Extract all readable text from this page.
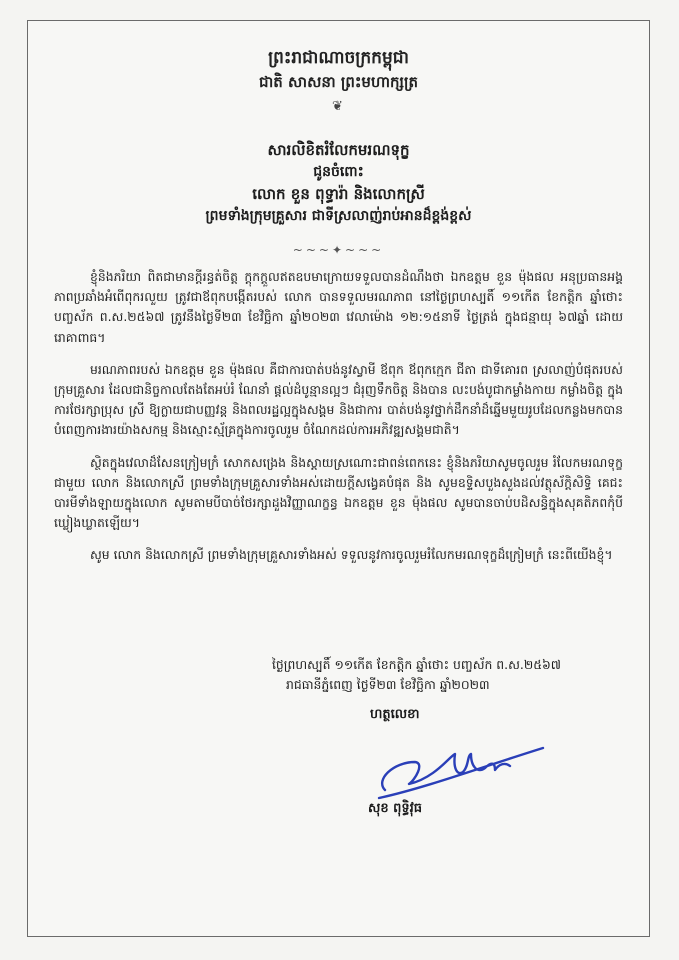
ព្រះរាជាណាចក្រកម្ពុជា
ជាតិ សាសនា ព្រះមហាក្សត្រ
❦
សារលិខិតរំលែកមរណទុក្ខ
ជូនចំពោះ
លោក ខួន ពុទ្ធារ៉ា និងលោកស្រី
ព្រមទាំងក្រុមគ្រួសារ ជាទីស្រលាញ់រាប់អានដ៏ខ្ពង់ខ្ពស់
~~~✦~~~

ខ្ញុំនិងភរិយា ពិតជាមានក្តីរន្ធត់ចិត្ត ក្តុកក្តួលឥតឧបមាក្រោយទទួលបានដំណឹងថា ឯកឧត្តម ខួន ម៉ុងផល អនុប្រធានអង្គភាពប្រឆាំងអំពើពុករលួយ ត្រូវជាឪពុកបង្កើតរបស់ លោក បានទទួលមរណភាព នៅថ្ងៃព្រហស្បតិ៍ ១១កើត ខែកត្ដិក ឆ្នាំថោះ បញ្ចស័ក ព.ស.២៥៦៧ ត្រូវនឹងថ្ងៃទី២៣ ខែវិច្ឆិកា ឆ្នាំ២០២៣ វេលាម៉ោង ១២:១៥នាទី ថ្ងៃត្រង់ ក្នុងជន្មាយុ ៦៧ឆ្នាំ ដោយរោគាពាធ។

មរណភាពរបស់ ឯកឧត្តម ខួន ម៉ុងផល គឺជាការបាត់បង់នូវស្វាមី ឪពុក ឪពុកក្មេក ជីតា ជាទីគោរព ស្រលាញ់បំផុតរបស់ក្រុមគ្រួសារ ដែលជានិច្ចកាលតែងតែអប់រំ ណែនាំ ផ្តល់ដំបូន្មានល្អៗ ជំរុញទឹកចិត្ត និងបាន លះបង់បូជាកម្លាំងកាយ កម្លាំងចិត្ត ក្នុងការថែរក្សាប្រុស ស្រី ឱ្យក្លាយជាបញ្ញវន្ត និងពលរដ្ឋល្អក្នុងសង្គម និងជាការ បាត់បង់នូវថ្នាក់ដឹកនាំដ៏ឆ្នើមមួយរូបដែលកន្លងមកបានបំពេញការងារយ៉ាងសកម្ម និងស្មោះស្ម័គ្រក្នុងការចូលរួម ចំណែកដល់ការអភិវឌ្ឍសង្គមជាតិ។

ស្ថិតក្នុងវេលាដ៏សែនក្រៀមក្រំ សោកសង្រេង និងស្តាយស្រណោះជាពន់ពេកនេះ ខ្ញុំនិងភរិយាសូមចូលរួម រំលែកមរណទុក្ខជាមួយ លោក និងលោកស្រី ព្រមទាំងក្រុមគ្រួសារទាំងអស់ដោយក្តីសង្វេគបំផុត និង សូមឧទ្ទិសបួងសួងដល់វត្ថុស័ក្តិសិទ្ធិ គេជះបារមីទាំងឡាយក្នុងលោក សូមតាមបីបាច់ថែរក្សាដួងវិញ្ញាណក្ខន្ធ ឯកឧត្តម ខួន ម៉ុងផល សូមបានចាប់បដិសន្ធិក្នុងសុគតិភពកុំបីឃ្លៀងឃ្លាតឡើយ។

សូម លោក និងលោកស្រី ព្រមទាំងក្រុមគ្រួសារទាំងអស់ ទទួលនូវការចូលរួមរំលែកមរណទុក្ខដ៏ក្រៀមក្រំ នេះពីយើងខ្ញុំ។

ថ្ងៃព្រហស្បតិ៍ ១១កើត ខែកត្ដិក ឆ្នាំថោះ បញ្ចស័ក ព.ស.២៥៦៧
រាជធានីភ្នំពេញ ថ្ងៃទី២៣ ខែវិច្ឆិកា ឆ្នាំ២០២៣
ហត្ថលេខា
សុខ ពុទ្ធិវុធ
